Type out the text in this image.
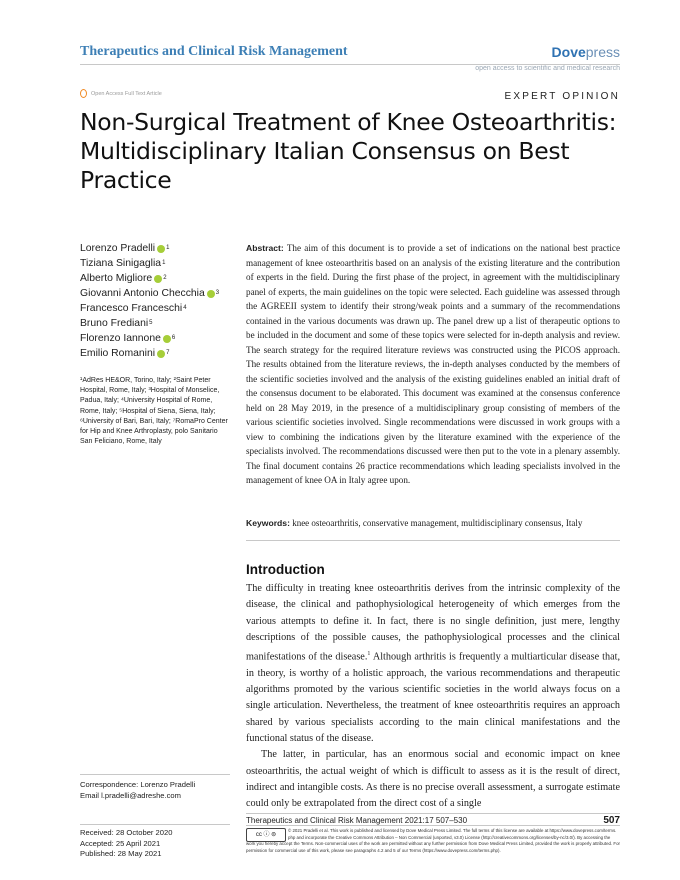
Therapeutics and Clinical Risk Management	Dovepress
open access to scientific and medical research
Open Access Full Text Article	EXPERT OPINION
Non-Surgical Treatment of Knee Osteoarthritis: Multidisciplinary Italian Consensus on Best Practice
Lorenzo Pradelli 1
Tiziana Sinigaglia 1
Alberto Migliore 2
Giovanni Antonio Checchia 3
Francesco Franceschi 4
Bruno Frediani 5
Florenzo Iannone 6
Emilio Romanini 7
¹AdRes HE&OR, Torino, Italy; ²Saint Peter Hospital, Rome, Italy; ³Hospital of Monselice, Padua, Italy; ⁴University Hospital of Rome, Rome, Italy; ⁵Hospital of Siena, Siena, Italy; ⁶University of Bari, Bari, Italy; ⁷RomaPro Center for Hip and Knee Arthroplasty, polo Sanitario San Feliciano, Rome, Italy
Abstract: The aim of this document is to provide a set of indications on the national best practice management of knee osteoarthritis based on an analysis of the existing literature and the contribution of experts in the field. During the first phase of the project, in agreement with the multidisciplinary panel of experts, the main guidelines on the topic were selected. Each guideline was assessed through the AGREEII system to identify their strong/weak points and a summary of the recommendations contained in the various documents was drawn up. The panel drew up a list of therapeutic options to be included in the document and some of these topics were selected for in-depth analysis and review. The search strategy for the required literature reviews was constructed using the PICOS approach. The results obtained from the literature reviews, the in-depth analyses conducted by the members of the scientific societies involved and the analysis of the existing guidelines enabled an initial draft of the consensus document to be elaborated. This document was examined at the consensus conference held on 28 May 2019, in the presence of a multidisciplinary group consisting of members of the various scientific societies involved. Single recommendations were discussed in work groups with a view to combining the indications given by the literature examined with the experience of the specialists involved. The recommendations discussed were then put to the vote in a plenary assembly. The final document contains 26 practice recommendations which leading specialists involved in the management of knee OA in Italy agree upon.
Keywords: knee osteoarthritis, conservative management, multidisciplinary consensus, Italy
Introduction

The difficulty in treating knee osteoarthritis derives from the intrinsic complexity of the disease, the clinical and pathophysiological heterogeneity of which emerges from the various attempts to define it. In fact, there is no single definition, just mere, lengthy descriptions of the possible causes, the pathophysiological processes and the clinical manifestations of the disease.$^1$ Although arthritis is frequently a multiarticular disease that, in theory, is worthy of a holistic approach, the various recommendations and therapeutic algorithms promoted by the various scientific societies in the world always focus on a single articulation. Nevertheless, the treatment of knee osteoarthritis requires an approach shared by various specialists according to the main clinical manifestations and the functional status of the disease.

The latter, in particular, has an enormous social and economic impact on knee osteoarthritis, the actual weight of which is difficult to assess as it is the result of direct, indirect and intangible costs. As there is no precise overall assessment, a surrogate estimate could only be extrapolated from the direct cost of a single

Correspondence: Lorenzo Pradelli
Email l.pradelli@adreshe.com
Received: 28 October 2020
Accepted: 25 April 2021
Published: 28 May 2021
Therapeutics and Clinical Risk Management 2021:17 507–530	507
cc ⓘ ⊜
© 2021 Pradelli et al. This work is published and licensed by Dove Medical Press Limited. The full terms of this license are available at https://www.dovepress.com/terms. php and incorporate the Creative Commons Attribution – Non Commercial (unported, v3.0) License (http://creativecommons.org/licenses/by-nc/3.0/). By accessing the
work you hereby accept the Terms. Non-commercial uses of the work are permitted without any further permission from Dove Medical Press Limited, provided the work is properly attributed. For permission for commercial use of this work, please see paragraphs 4.2 and 5 of our Terms (https://www.dovepress.com/terms.php).
